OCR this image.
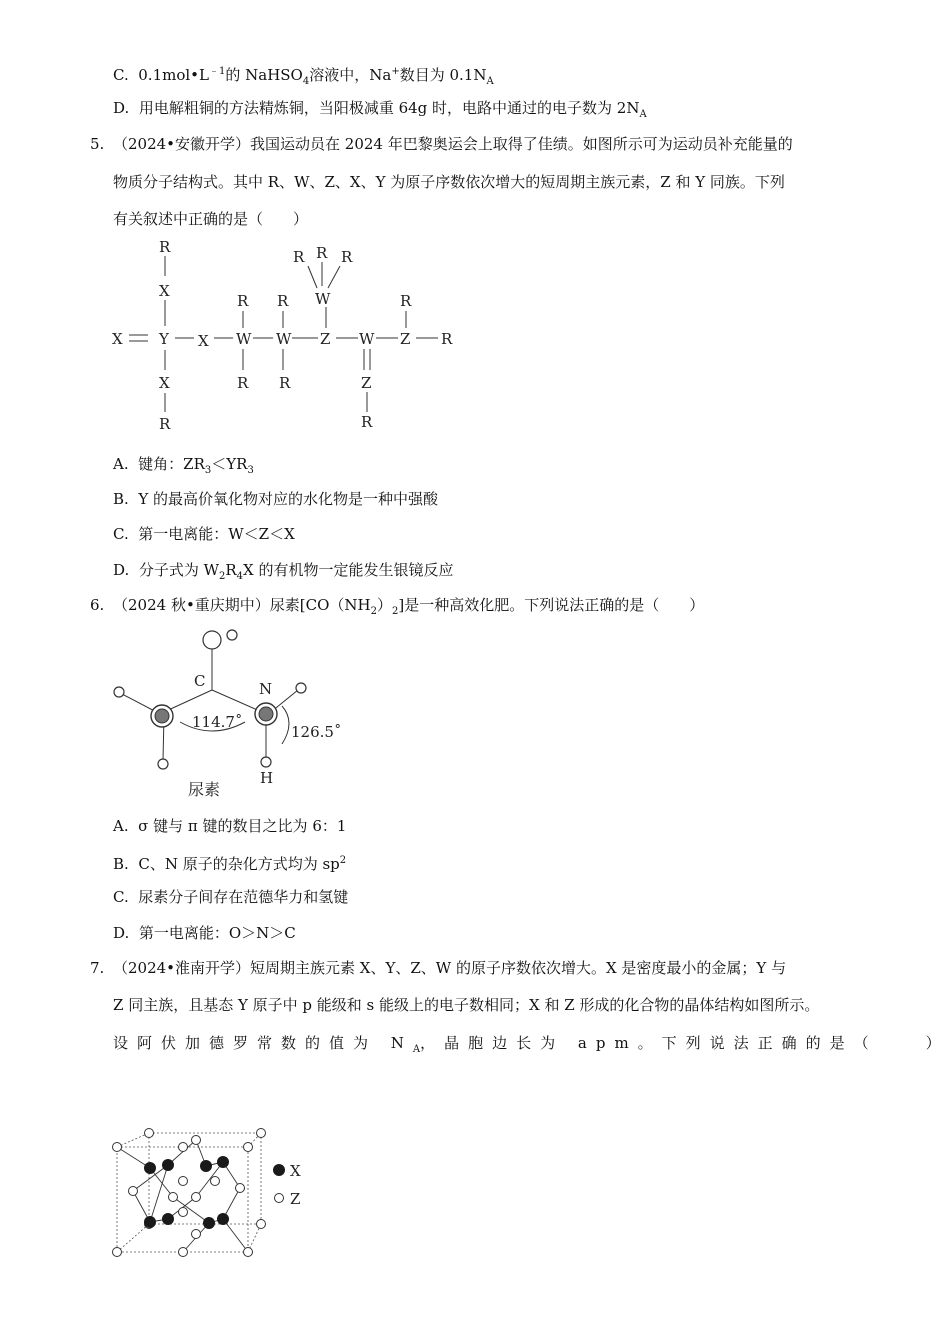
C. $0.1mol•L^{﹣1}$的 NaHSO$_4$溶液中，Na+数目为 $0.1N_A$
D. 用电解粗铜的方法精炼铜，当阳极减重 64g 时，电路中通过的电子数为 $2N_A$
5. （2024•安徽开学）我国运动员在 2024 年巴黎奥运会上取得了佳绩。如图所示可为运动员补充能量的
物质分子结构式。其中 R、W、Z、X、Y 为原子序数依次增大的短周期主族元素，Z 和 Y 同族。下列
有关叙述中正确的是（　　）
R
X
X Y X
X
R
R
W
R
R
W
R
R R R
W
Z W
Z
R
R
Z R
A. 键角：$ZR_3<YR_3$
B. Y 的最高价氧化物对应的水化物是一种中强酸
C. 第一电离能：W＜Z＜X
D. 分子式为 $W_2R_4X$ 的有机物一定能发生银镜反应
6. （2024 秋•重庆期中）尿素$[CO(NH_2)_2]$是一种高效化肥。下列说法正确的是（　　）
C	N
H
114.7˚
126.5˚
尿素
A. σ 键与 π 键的数目之比为 6：1
B. C、N 原子的杂化方式均为 $sp^2$
C. 尿素分子间存在范德华力和氢键
D. 第一电离能：O＞N＞C
7. （2024•淮南开学）短周期主族元素 X、Y、Z、W 的原子序数依次增大。X 是密度最小的金属；Y 与
Z 同主族，且基态 Y 原子中 p 能级和 s 能级上的电子数相同；X 和 Z 形成的化合物的晶体结构如图所示。
设阿伏加德罗常数的值为 $N_A$，晶胞边长为 apm。下列说法正确的是（　　）
X
Z
